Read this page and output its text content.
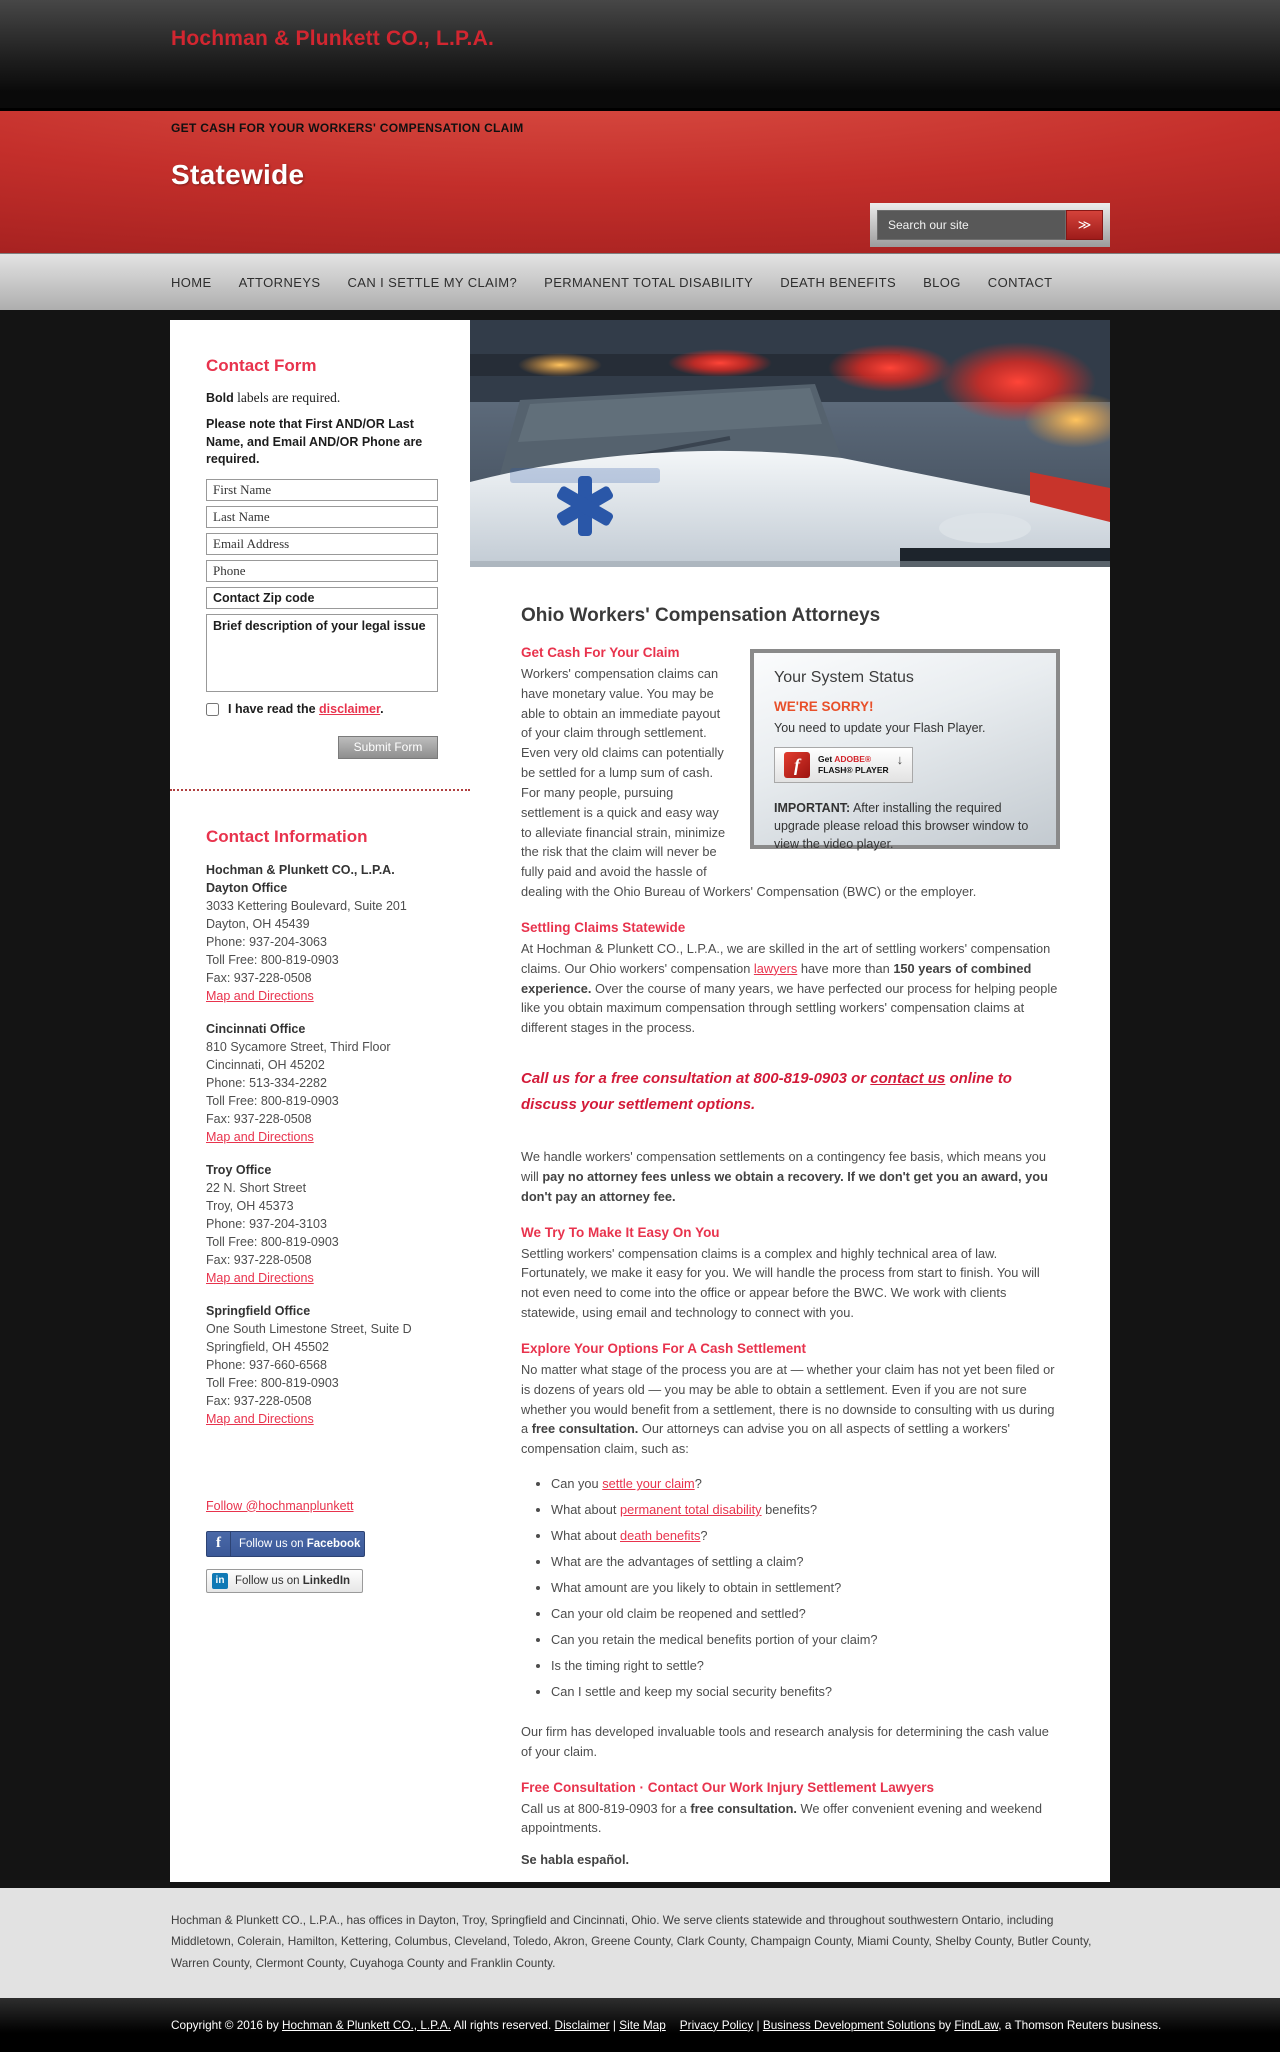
Hochman & Plunkett CO., L.P.A.
GET CASH FOR YOUR WORKERS' COMPENSATION CLAIM
Statewide
Search our site
≫
HOME ATTORNEYS CAN I SETTLE MY CLAIM? PERMANENT TOTAL DISABILITY DEATH BENEFITS BLOG CONTACT
Contact Form

Bold labels are required.

Please note that First AND/OR Last Name, and Email AND/OR Phone are required.

First Name
Last Name
Email Address
Phone
Contact Zip code
Brief description of your legal issue
I have read the disclaimer.
Submit Form
Contact Information
Hochman & Plunkett CO., L.P.A.
Dayton Office
3033 Kettering Boulevard, Suite 201
Dayton, OH 45439
Phone: 937-204-3063
Toll Free: 800-819-0903
Fax: 937-228-0508
Map and Directions
Cincinnati Office
810 Sycamore Street, Third Floor
Cincinnati, OH 45202
Phone: 513-334-2282
Toll Free: 800-819-0903
Fax: 937-228-0508
Map and Directions
Troy Office
22 N. Short Street
Troy, OH 45373
Phone: 937-204-3103
Toll Free: 800-819-0903
Fax: 937-228-0508
Map and Directions
Springfield Office
One South Limestone Street, Suite D
Springfield, OH 45502
Phone: 937-660-6568
Toll Free: 800-819-0903
Fax: 937-228-0508
Map and Directions
Follow @hochmanplunkett
f	Follow us on Facebook
in Follow us on LinkedIn
Ohio Workers' Compensation Attorneys
Your System Status
WE'RE SORRY!
You need to update your Flash Player.
f	Get ADOBE®
FLASH® PLAYER
↓
IMPORTANT: After installing the required upgrade please reload this browser window to view the video player.
Get Cash For Your Claim

Workers' compensation claims can have monetary value. You may be able to obtain an immediate payout of your claim through settlement. Even very old claims can potentially be settled for a lump sum of cash. For many people, pursuing settlement is a quick and easy way to alleviate financial strain, minimize the risk that the claim will never be fully paid and avoid the hassle of dealing with the Ohio Bureau of Workers' Compensation (BWC) or the employer.

Settling Claims Statewide

At Hochman & Plunkett CO., L.P.A., we are skilled in the art of settling workers' compensation claims. Our Ohio workers' compensation lawyers have more than 150 years of combined experience. Over the course of many years, we have perfected our process for helping people like you obtain maximum compensation through settling workers' compensation claims at different stages in the process.

Call us for a free consultation at 800-819-0903 or contact us online to discuss your settlement options.

We handle workers' compensation settlements on a contingency fee basis, which means you will pay no attorney fees unless we obtain a recovery. If we don't get you an award, you don't pay an attorney fee.

We Try To Make It Easy On You

Settling workers' compensation claims is a complex and highly technical area of law. Fortunately, we make it easy for you. We will handle the process from start to finish. You will not even need to come into the office or appear before the BWC. We work with clients statewide, using email and technology to connect with you.

Explore Your Options For A Cash Settlement

No matter what stage of the process you are at — whether your claim has not yet been filed or is dozens of years old — you may be able to obtain a settlement. Even if you are not sure whether you would benefit from a settlement, there is no downside to consulting with us during a free consultation. Our attorneys can advise you on all aspects of settling a workers' compensation claim, such as:

• Can you settle your claim?
• What about permanent total disability benefits?
• What about death benefits?
• What are the advantages of settling a claim?
• What amount are you likely to obtain in settlement?
• Can your old claim be reopened and settled?
• Can you retain the medical benefits portion of your claim?
• Is the timing right to settle?
• Can I settle and keep my social security benefits?

Our firm has developed invaluable tools and research analysis for determining the cash value of your claim.

Free Consultation · Contact Our Work Injury Settlement Lawyers

Call us at 800-819-0903 for a free consultation. We offer convenient evening and weekend appointments.

Se habla español.

Hochman & Plunkett CO., L.P.A., has offices in Dayton, Troy, Springfield and Cincinnati, Ohio. We serve clients statewide and throughout southwestern Ontario, including Middletown, Colerain, Hamilton, Kettering, Columbus, Cleveland, Toledo, Akron, Greene County, Clark County, Champaign County, Miami County, Shelby County, Butler County, Warren County, Clermont County, Cuyahoga County and Franklin County.
Copyright © 2016 by Hochman & Plunkett CO., L.P.A. All rights reserved. Disclaimer | Site Map Privacy Policy | Business Development Solutions by FindLaw, a Thomson Reuters business.
